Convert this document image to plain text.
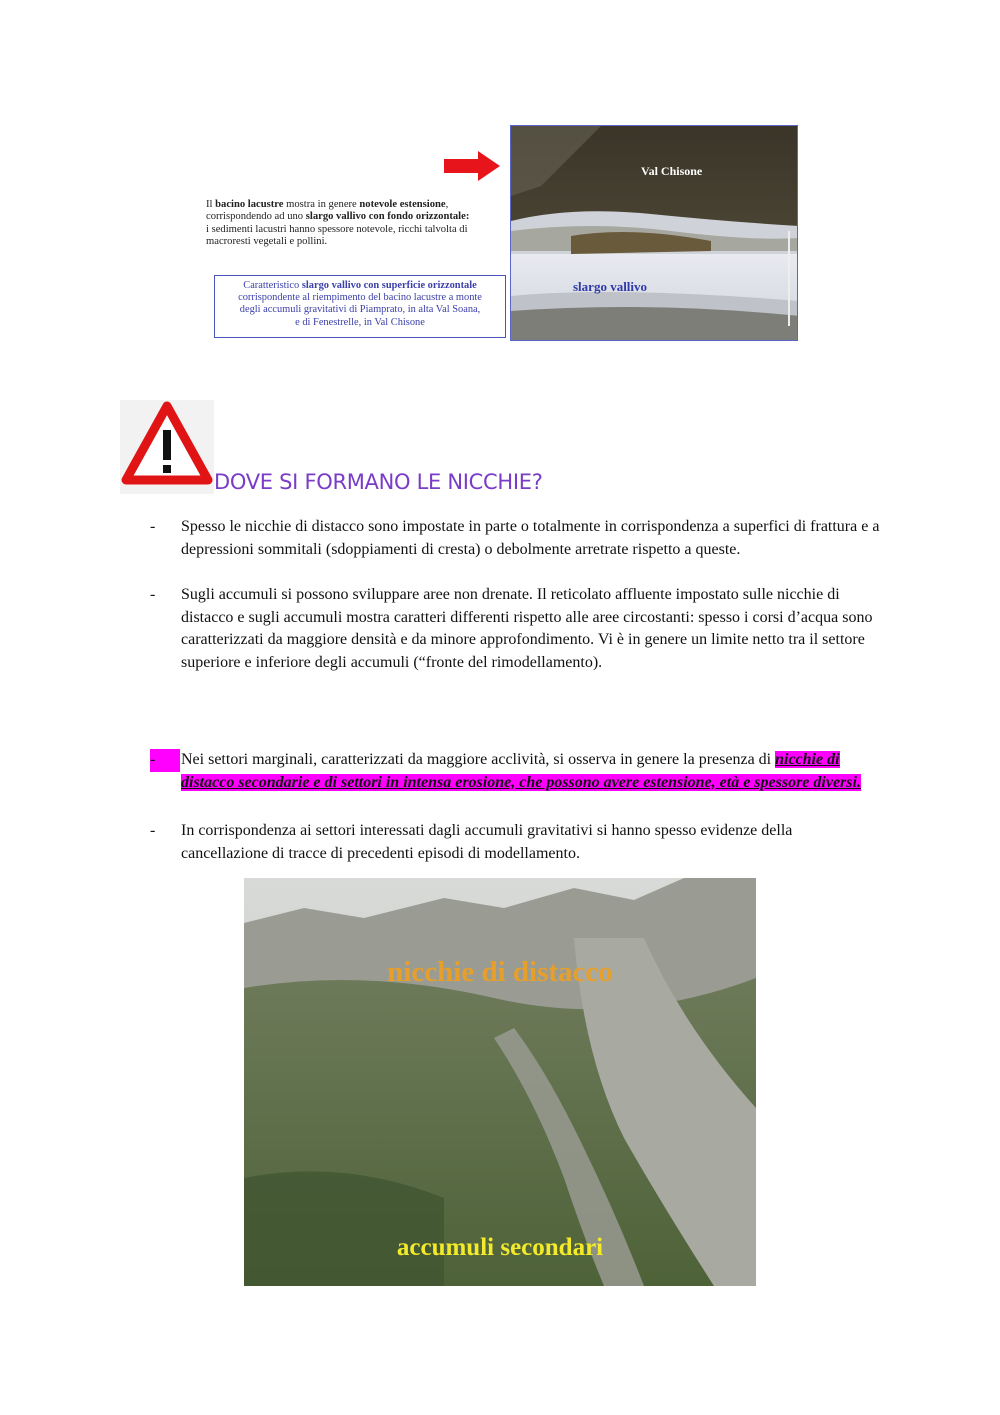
Il bacino lacustre mostra in genere notevole estensione,
corrispondendo ad uno slargo vallivo con fondo orizzontale:
i sedimenti lacustri hanno spessore notevole, ricchi talvolta di
macroresti vegetali e pollini.
Caratteristico slargo vallivo con superficie orizzontale
corrispondente al riempimento del bacino lacustre a monte
degli accumuli gravitativi di Piamprato, in alta Val Soana,
e di Fenestrelle, in Val Chisone
Val Chisone
slargo vallivo
DOVE SI FORMANO LE NICCHIE?
-	Spesso le nicchie di distacco sono impostate in parte o totalmente in corrispondenza a superfici di frattura e a depressioni sommitali (sdoppiamenti di cresta) o debolmente arretrate rispetto a queste.
-	Sugli accumuli si possono sviluppare aree non drenate. Il reticolato affluente impostato sulle nicchie di distacco e sugli accumuli mostra caratteri differenti rispetto alle aree circostanti: spesso i corsi d’acqua sono caratterizzati da maggiore densità e da minore approfondimento. Vi è in genere un limite netto tra il settore superiore e inferiore degli accumuli (“fronte del rimodellamento).
-	Nei settori marginali, caratterizzati da maggiore acclività, si osserva in genere la presenza di nicchie di distacco secondarie e di settori in intensa erosione, che possono avere estensione, età e spessore diversi.
-	In corrispondenza ai settori interessati dagli accumuli gravitativi si hanno spesso evidenze della cancellazione di tracce di precedenti episodi di modellamento.
nicchie di distacco
accumuli secondari
